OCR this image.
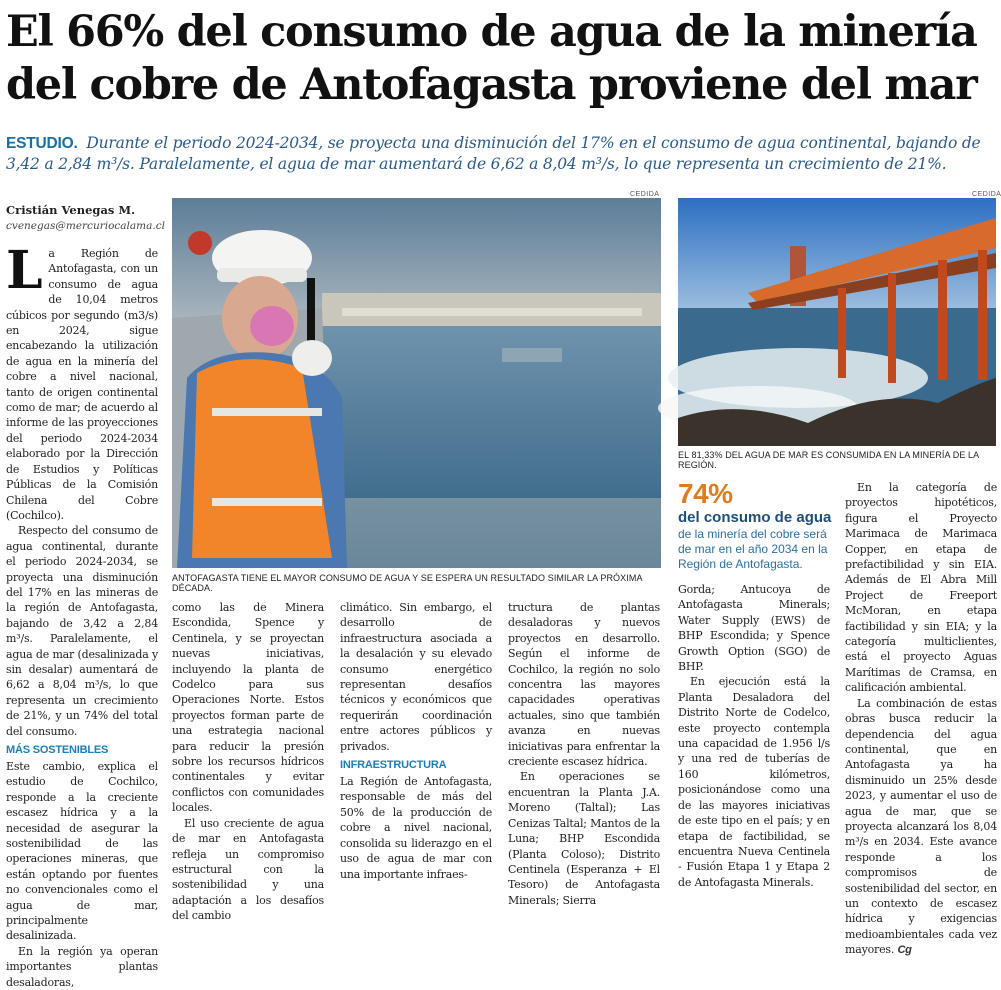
El 66% del consumo de agua de la minería del cobre de Antofagasta proviene del mar
ESTUDIO. Durante el periodo 2024-2034, se proyecta una disminución del 17% en el consumo de agua continental, bajando de 3,42 a 2,84 m³/s. Paralelamente, el agua de mar aumentará de 6,62 a 8,04 m³/s, lo que representa un crecimiento de 21%.
Cristián Venegas M.
cvenegas@mercuriocalama.cl

L a Región de Antofagasta, con un consumo de agua de 10,04 metros cúbicos por segundo (m3/s) en 2024, sigue encabezando la utilización de agua en la minería del cobre a nivel nacional, tanto de origen continental como de mar; de acuerdo al informe de las proyecciones del periodo 2024-2034 elaborado por la Dirección de Estudios y Políticas Públicas de la Comisión Chilena del Cobre (Cochilco).

Respecto del consumo de agua continental, durante el periodo 2024-2034, se proyecta una disminución del 17% en las mineras de la región de Antofagasta, bajando de 3,42 a 2,84 m³/s. Paralelamente, el agua de mar (desalinizada y sin desalar) aumentará de 6,62 a 8,04 m³/s, lo que representa un crecimiento de 21%, y un 74% del total del consumo.

MÁS SOSTENIBLES

Este cambio, explica el estudio de Cochilco, responde a la creciente escasez hídrica y a la necesidad de asegurar la sostenibilidad de las operaciones mineras, que están optando por fuentes no convencionales como el agua de mar, principalmente desalinizada.

En la región ya operan importantes plantas desaladoras,

CEDIDA
ANTOFAGASTA TIENE EL MAYOR CONSUMO DE AGUA Y SE ESPERA UN RESULTADO SIMILAR LA PRÓXIMA DÉCADA.
CEDIDA
EL 81,33% DEL AGUA DE MAR ES CONSUMIDA EN LA MINERÍA DE LA REGIÓN.
74%
del consumo de agua
de la minería del cobre será de mar en el año 2034 en la Región de Antofagasta.

como las de Minera Escondida, Spence y Centinela, y se proyectan nuevas iniciativas, incluyendo la planta de Codelco para sus Operaciones Norte. Estos proyectos forman parte de una estrategia nacional para reducir la presión sobre los recursos hídricos continentales y evitar conflictos con comunidades locales.

El uso creciente de agua de mar en Antofagasta refleja un compromiso estructural con la sostenibilidad y una adaptación a los desafíos del cambio

climático. Sin embargo, el desarrollo de infraestructura asociada a la desalación y su elevado consumo energético representan desafíos técnicos y económicos que requerirán coordinación entre actores públicos y privados.

INFRAESTRUCTURA

La Región de Antofagasta, responsable de más del 50% de la producción de cobre a nivel nacional, consolida su liderazgo en el uso de agua de mar con una importante infraes-

tructura de plantas desaladoras y nuevos proyectos en desarrollo. Según el informe de Cochilco, la región no solo concentra las mayores capacidades operativas actuales, sino que también avanza en nuevas iniciativas para enfrentar la creciente escasez hídrica.

En operaciones se encuentran la Planta J.A. Moreno (Taltal); Las Cenizas Taltal; Mantos de la Luna; BHP Escondida (Planta Coloso); Distrito Centinela (Esperanza + El Tesoro) de Antofagasta Minerals; Sierra

Gorda; Antucoya de Antofagasta Minerals; Water Supply (EWS) de BHP Escondida; y Spence Growth Option (SGO) de BHP.

En ejecución está la Planta Desaladora del Distrito Norte de Codelco, este proyecto contempla una capacidad de 1.956 l/s y una red de tuberías de 160 kilómetros, posicionándose como una de las mayores iniciativas de este tipo en el país; y en etapa de factibilidad, se encuentra Nueva Centinela - Fusión Etapa 1 y Etapa 2 de Antofagasta Minerals.

En la categoría de proyectos hipotéticos, figura el Proyecto Marimaca de Marimaca Copper, en etapa de prefactibilidad y sin EIA. Además de El Abra Mill Project de Freeport McMoran, en etapa factibilidad y sin EIA; y la categoría multiclientes, está el proyecto Aguas Marítimas de Cramsa, en calificación ambiental.

La combinación de estas obras busca reducir la dependencia del agua continental, que en Antofagasta ya ha disminuido un 25% desde 2023, y aumentar el uso de agua de mar, que se proyecta alcanzará los 8,04 m³/s en 2034. Este avance responde a los compromisos de sostenibilidad del sector, en un contexto de escasez hídrica y exigencias medioambientales cada vez mayores. Cg
